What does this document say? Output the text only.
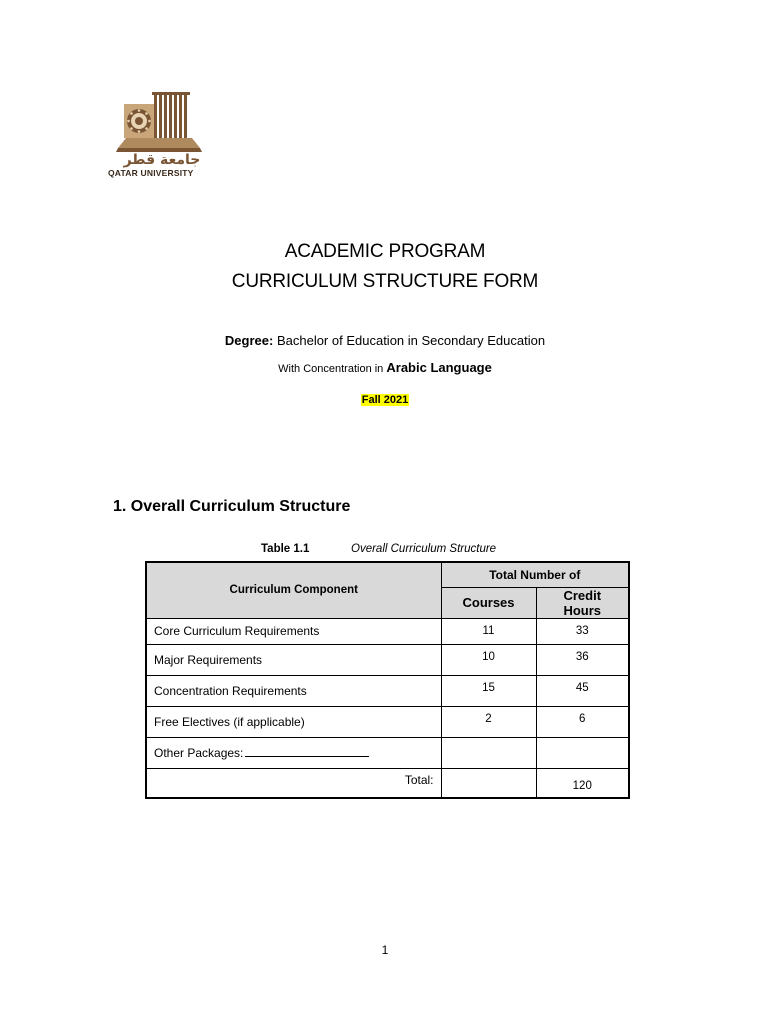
جامعة قطر
QATAR UNIVERSITY
ACADEMIC PROGRAM
CURRICULUM STRUCTURE FORM
Degree: Bachelor of Education in Secondary Education
With Concentration in Arabic Language
Fall 2021
1. Overall Curriculum Structure
Table 1.1	Overall Curriculum Structure
Curriculum Component	Total Number of	
	Courses	Credit Hours
Core Curriculum Requirements	11	33
Major Requirements	10	36
Concentration Requirements	15	45
Free Electives (if applicable)	2	6
Other Packages:		
Total:		120
1
